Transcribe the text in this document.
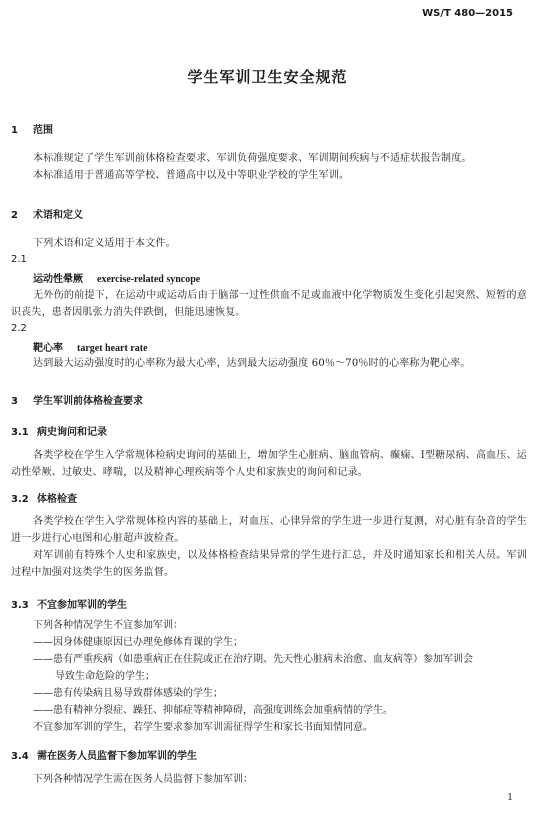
WS/T 480—2015
学生军训卫生安全规范
1 范围
本标准规定了学生军训前体格检查要求、军训负荷强度要求、军训期间疾病与不适症状报告制度。
本标准适用于普通高等学校、普通高中以及中等职业学校的学生军训。
2 术语和定义
下列术语和定义适用于本文件。
2.1
运动性晕厥 exercise-related syncope
无外伤的前提下，在运动中或运动后由于脑部一过性供血不足或血液中化学物质发生变化引起突然、短暂的意识丧失，患者因肌张力消失伴跌倒，但能迅速恢复。
2.2
靶心率 target heart rate
达到最大运动强度时的心率称为最大心率，达到最大运动强度 60％～70％时的心率称为靶心率。
3 学生军训前体格检查要求
3.1 病史询问和记录
各类学校在学生入学常规体检病史询问的基础上，增加学生心脏病、脑血管病、癫痫、Ⅰ型糖尿病、高血压、运动性晕厥、过敏史、哮喘，以及精神心理疾病等个人史和家族史的询问和记录。
3.2 体格检查
各类学校在学生入学常规体检内容的基础上，对血压、心律异常的学生进一步进行复测，对心脏有杂音的学生进一步进行心电图和心脏超声波检查。
对军训前有特殊个人史和家族史，以及体格检查结果异常的学生进行汇总，并及时通知家长和相关人员。军训过程中加强对这类学生的医务监督。
3.3 不宜参加军训的学生
下列各种情况学生不宜参加军训：
——因身体健康原因已办理免修体育课的学生；
——患有严重疾病（如患重病正在住院或正在治疗期、先天性心脏病未治愈、血友病等）参加军训会
导致生命危险的学生；
——患有传染病且易导致群体感染的学生；
——患有精神分裂症、躁狂、抑郁症等精神障碍，高强度训练会加重病情的学生。
不宜参加军训的学生，若学生要求参加军训需征得学生和家长书面知情同意。
3.4 需在医务人员监督下参加军训的学生
下列各种情况学生需在医务人员监督下参加军训：
1
